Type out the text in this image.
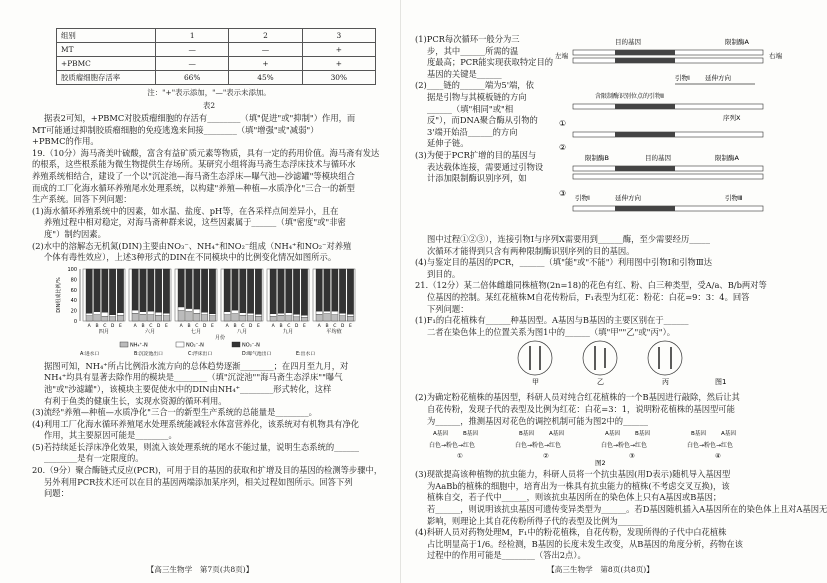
组别	1	2	3
MT	—	—	+
+PBMC	—	+	+
胶质瘤细胞存活率	66%	45%	30%

注："+"表示添加，"—"表示未添加。

表2

据表2可知，+PBMC对胶质瘤细胞的存活有________（填"促进"或"抑制"）作用，而

MT可能通过抑制胶质瘤细胞的免疫逃逸来间接________（填"增强"或"减弱"）

+PBMC的作用。

19.（10分）海马斋美叶硫酸，富含有益矿质元素等物质，具有一定的药用价值。海马斋有发达

的根系，这些根系能为微生物提供生存场所。某研究小组将海马斋生态浮床技术与循环水

养殖系统相结合，建设了一个以"沉淀池—海马斋生态浮床—曝气池—沙滤罐"等模块组合

而成的工厂化海水循环养殖尾水处理系统，以构建"养殖—种植—水质净化"三合一的新型

生产系统。回答下列问题：

(1)海水循环养殖系统中的因素，如水温、盐度、pH等，在各采样点间差异小，且在

养殖过程中相对稳定，对海马斋种群来说，这些因素属于______（填"密度"或"非密

度"）制约因素。

(2)水中的溶解态无机氮(DIN)主要由NO₃⁻、NH₄⁺和NO₂⁻组成（NH₄⁺和NO₂⁻对养殖

个体有毒性效应），上述3种形式的DIN在不同模块中的比例变化情况如图所示。

0
20
40
60
80
100
DIN组成比例/%
A B C D E
四月
A B C D E
六月
A B C D E
七月
A B C D E
八月
A B C D E
九月
A B C D E
平均值
月份
NH₄⁺-N	NO₂⁻-N	NO₃⁻-N
A:进水口	B:沉淀池出口	C:浮床出口	D:曝气池出口	E:出水口

据图可知，NH₄⁺所占比例沿水流方向的总体趋势逐渐________；在四月至九月，对

NH₄⁺均具有显著去除作用的模块是________（填"沉淀池""海马斋生态浮床""曝气

池"或"沙滤罐"），该模块主要促使水中的DIN由NH₄⁺________形式转化，这样

有利于鱼类的健康生长，实现水资源的循环利用。

(3)流经"养殖—种植—水质净化"三合一的新型生产系统的总能量是________。

(4)利用工厂化海水循环养殖尾水处理系统能减轻水体富营养化，该系统对有机物具有净化

作用，其主要原因可能是________。

(5)若持续延长浮床净化效果，则流入该处理系统的尾水不能过量，说明生态系统的______

________是有一定限度的。

20.（9分）聚合酶链式反应(PCR)，可用于目的基因的获取和扩增及目的基因的检测等步骤中，

另外利用PCR技术还可以在目的基因两端添加某序列，相关过程如图所示。回答下列

问题：

【高三生物学　第7页(共8页)】

(1)PCR每次循环一般分为三

步，其中______所需的温

度最高；PCR能实现获取特定目的

基因的关键是______

(2)____链的______端为5'端，依

据是引物与其模板链的方向

______（填"相同"或"相

反"），而DNA聚合酶从引物的

3'端开始沿______的方向

延伸子链。

(3)为便于PCR扩增的目的基因与

表达载体连接，需要通过引物设

计添加限制酶识别序列，如

目的基因	限制酶A
左端	右端
引物Ⅰ 延伸方向
含限制酶识别位点的引物Ⅱ
①
序列X
②
限制酶B	目的基因	限制酶A
③ 引物Ⅰ	延伸方向	引物Ⅲ

图中过程①②③），连接引物Ⅰ与序列X需要用到______酶，至少需要经历_____

次循环才能得到只含有两种限制酶识别序列的目的基因。

(4)与鉴定目的基因的PCR，______（填"能"或"不能"）利用图中引物Ⅰ和引物Ⅲ达

到目的。

21.（12分）某二倍体雌雄同株植物(2n=18)的花色有红、粉、白三种类型，受A/a、B/b两对等

位基因的控制。某红花植株M自花传粉后，F₁表型为红花：粉花：白花=9：3：4。回答

下列问题：

(1)F₁的白花植株有______种基因型。A基因与B基因的主要区别在于______

二者在染色体上的位置关系为图1中的______（填"甲""乙"或"丙"）。

甲	乙	丙	图1

(2)为确定粉花植株的基因型，科研人员对纯合红花植株的一个B基因进行敲除，然后让其

自花传粉，发现子代的表型及比例为红花：白花=3：1，说明粉花植株的基因型可能

为______，推测基因对花色的调控机制可能为图2中的______

A基因	B基因
白色→粉色→红色
①
B基因	A基因
白色→粉色→红色
②
A基因	B基因
白色→粉色→红色
③
B基因	A基因
白色→粉色→红色
④
图2

(3)现欲提高该种植物的抗虫能力，科研人员将一个抗虫基因(用D表示)随机导入基因型

为AaBb的植株的细胞中，培育出为一株具有抗虫能力的植株(不考虑交叉互换)，该

植株自交，若子代中______，则该抗虫基因所在的染色体上只有A基因或B基因；

若______，则说明该抗虫基因可遗传变异类型为______。若D基因随机插入A基因所在的染色体上且对A基因无

影响，则理论上其自花传粉所得子代的表型及比例为______

(4)科研人员对药物处理M，F₁中的粉花植株，自花传粉，发现所得的子代中白花植株

占比明显高于1/6。经检测，B基因的长度未发生改变，从B基因的角度分析，药物在该

过程中的作用可能是________（答出2点）。

【高三生物学　第8页(共8页)】
